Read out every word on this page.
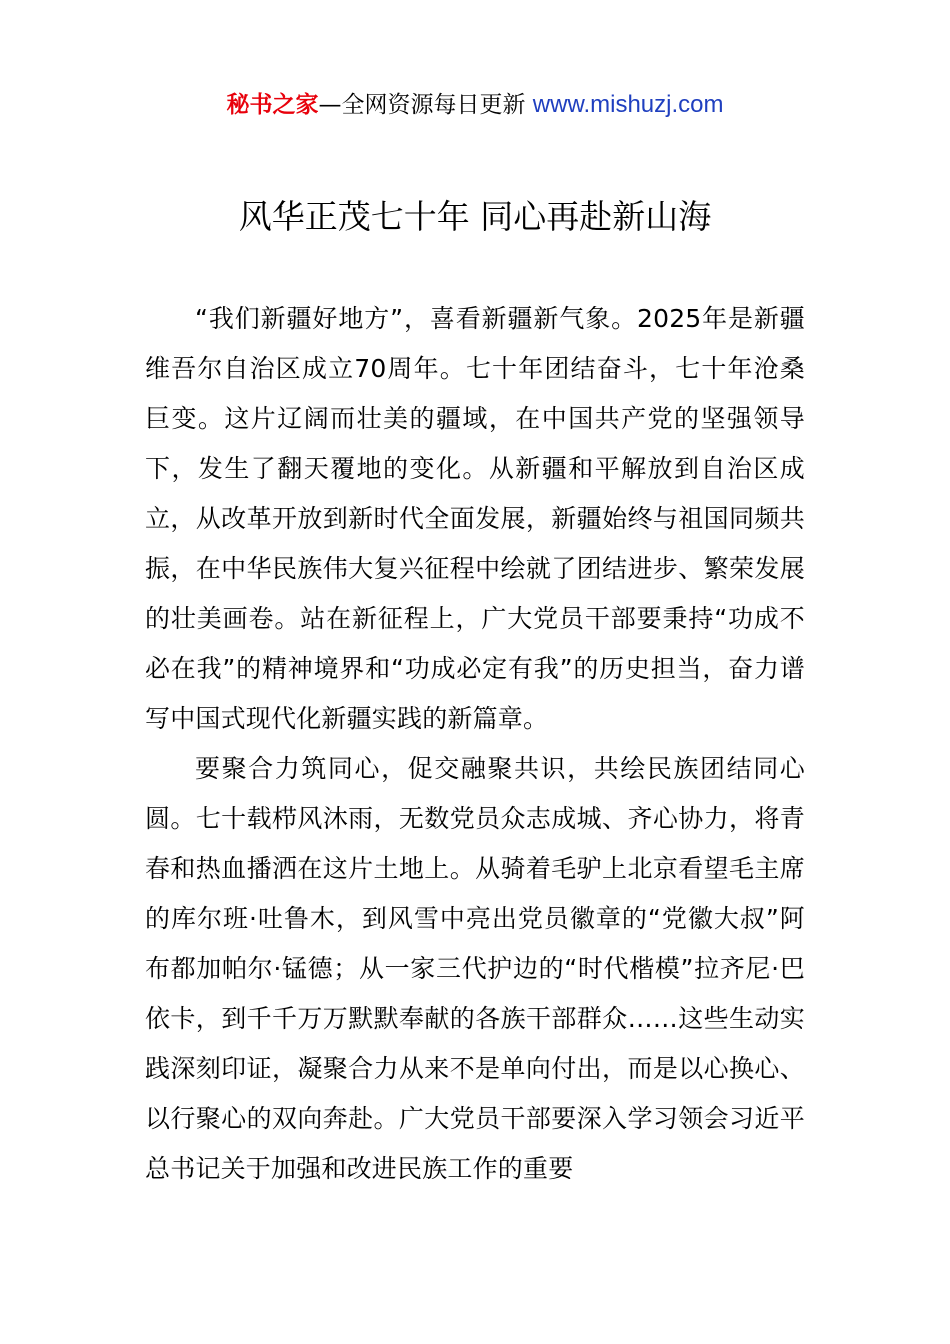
秘书之家—全网资源每日更新 www.mishuzj.com
风华正茂七十年 同心再赴新山海

“我们新疆好地方”，喜看新疆新气象。2025年是新疆维吾尔自治区成立70周年。七十年团结奋斗，七十年沧桑巨变。这片辽阔而壮美的疆域，在中国共产党的坚强领导下，发生了翻天覆地的变化。从新疆和平解放到自治区成立，从改革开放到新时代全面发展，新疆始终与祖国同频共振，在中华民族伟大复兴征程中绘就了团结进步、繁荣发展的壮美画卷。站在新征程上，广大党员干部要秉持“功成不必在我”的精神境界和“功成必定有我”的历史担当，奋力谱写中国式现代化新疆实践的新篇章。

要聚合力筑同心，促交融聚共识，共绘民族团结同心圆。七十载栉风沐雨，无数党员众志成城、齐心协力，将青春和热血播洒在这片土地上。从骑着毛驴上北京看望毛主席的库尔班·吐鲁木，到风雪中亮出党员徽章的“党徽大叔”阿布都加帕尔·锰德；从一家三代护边的“时代楷模”拉齐尼·巴依卡，到千千万万默默奉献的各族干部群众……这些生动实践深刻印证，凝聚合力从来不是单向付出，而是以心换心、以行聚心的双向奔赴。广大党员干部要深入学习领会习近平总书记关于加强和改进民族工作的重要
